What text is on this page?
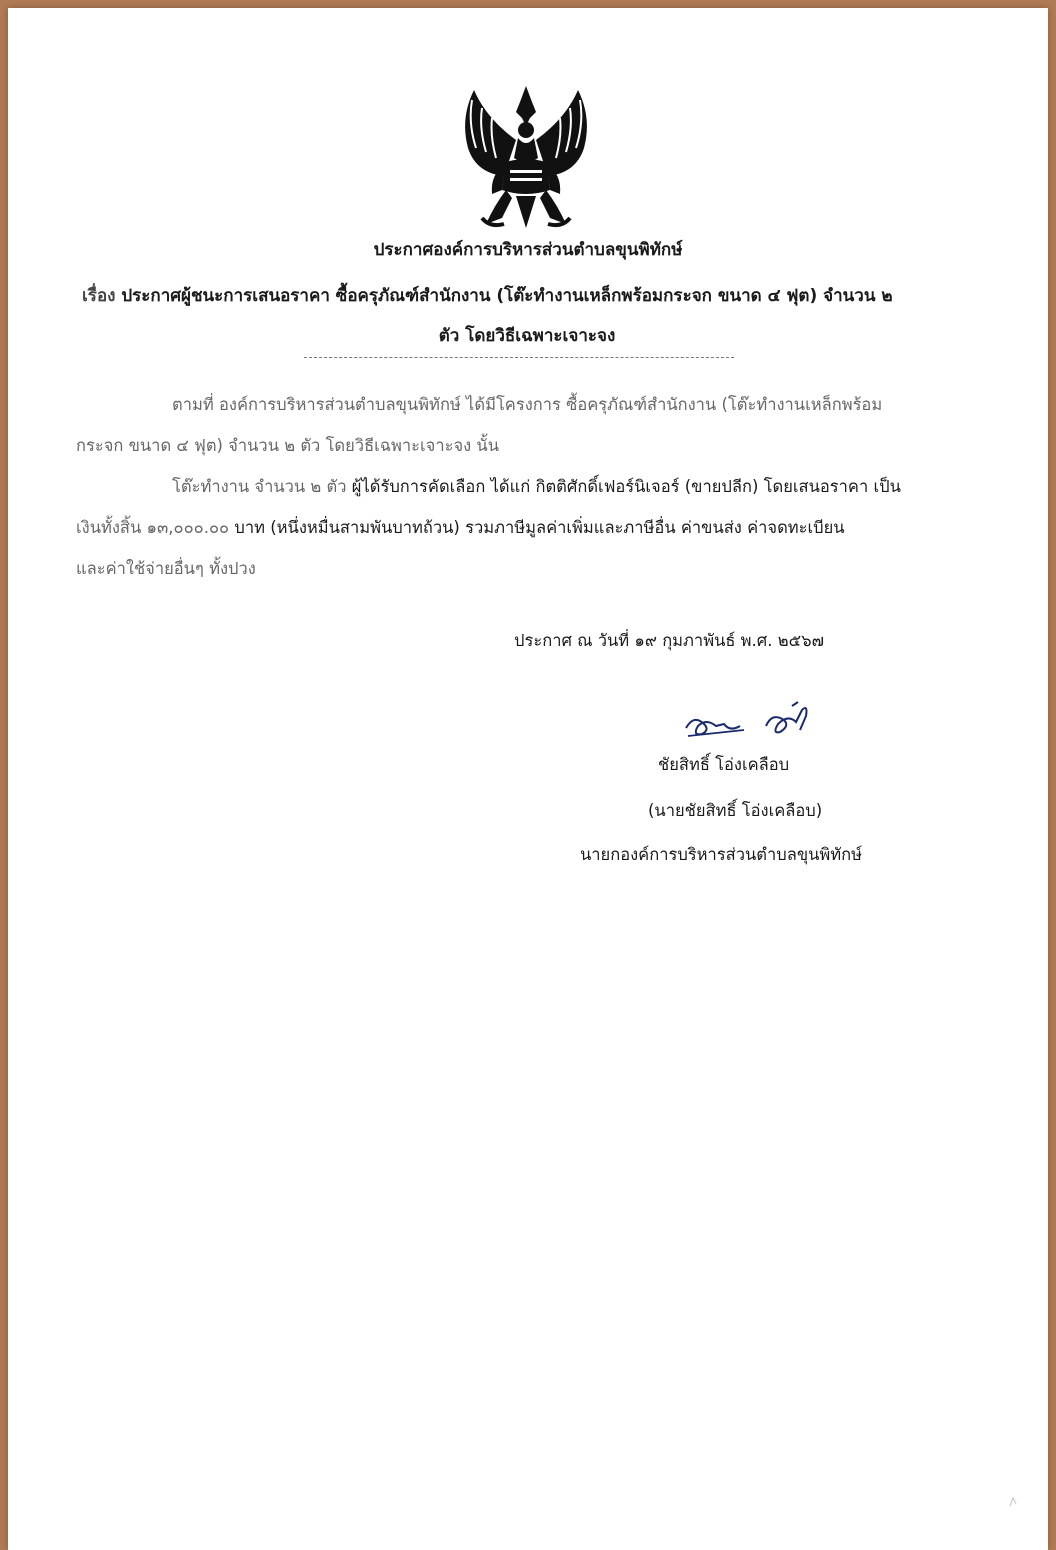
ประกาศองค์การบริหารส่วนตำบลขุนพิทักษ์
เรื่อง ประกาศผู้ชนะการเสนอราคา ซื้อครุภัณฑ์สำนักงาน (โต๊ะทำงานเหล็กพร้อมกระจก ขนาด ๔ ฟุต) จำนวน ๒
ตัว โดยวิธีเฉพาะเจาะจง
ตามที่ องค์การบริหารส่วนตำบลขุนพิทักษ์ ได้มีโครงการ ซื้อครุภัณฑ์สำนักงาน (โต๊ะทำงานเหล็กพร้อม
กระจก ขนาด ๔ ฟุต) จำนวน ๒ ตัว โดยวิธีเฉพาะเจาะจง นั้น
โต๊ะทำงาน จำนวน ๒ ตัว ผู้ได้รับการคัดเลือก ได้แก่ กิตติศักดิ์เฟอร์นิเจอร์ (ขายปลีก) โดยเสนอราคา เป็น
เงินทั้งสิ้น ๑๓,๐๐๐.๐๐ บาท (หนึ่งหมื่นสามพันบาทถ้วน) รวมภาษีมูลค่าเพิ่มและภาษีอื่น ค่าขนส่ง ค่าจดทะเบียน
และค่าใช้จ่ายอื่นๆ ทั้งปวง
ประกาศ ณ วันที่ ๑๙ กุมภาพันธ์ พ.ศ. ๒๕๖๗
ชัยสิทธิ์ โอ่งเคลือบ
(นายชัยสิทธิ์ โอ่งเคลือบ)
นายกองค์การบริหารส่วนตำบลขุนพิทักษ์
